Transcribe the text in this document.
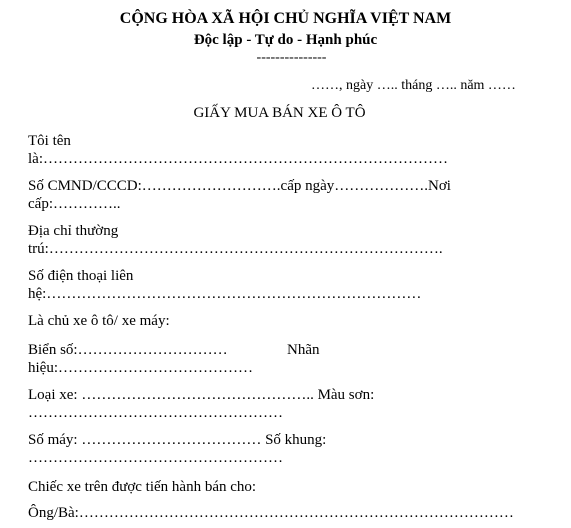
CỘNG HÒA XÃ HỘI CHỦ NGHĨA VIỆT NAM
Độc lập - Tự do - Hạnh phúc
---------------
……, ngày ….. tháng ….. năm ……
GIẤY MUA BÁN XE Ô TÔ
Tôi tên
là:………………………………………………………………………
Số CMND/CCCD:……………………….cấp ngày……………….Nơi
cấp:…………..
Địa chỉ thường
trú:…………………………………………………………………….
Số điện thoại liên
hệ:…………………………………………………………………
Là chủ xe ô tô/ xe máy:
Biển số:…………………………	Nhãn
hiệu:…………………………………
Loại xe: ……………………………………….. Màu sơn:
……………………………………………
Số máy: ……………………………… Số khung:
……………………………………………
Chiếc xe trên được tiến hành bán cho:
Ông/Bà:……………………………………………………………………………
